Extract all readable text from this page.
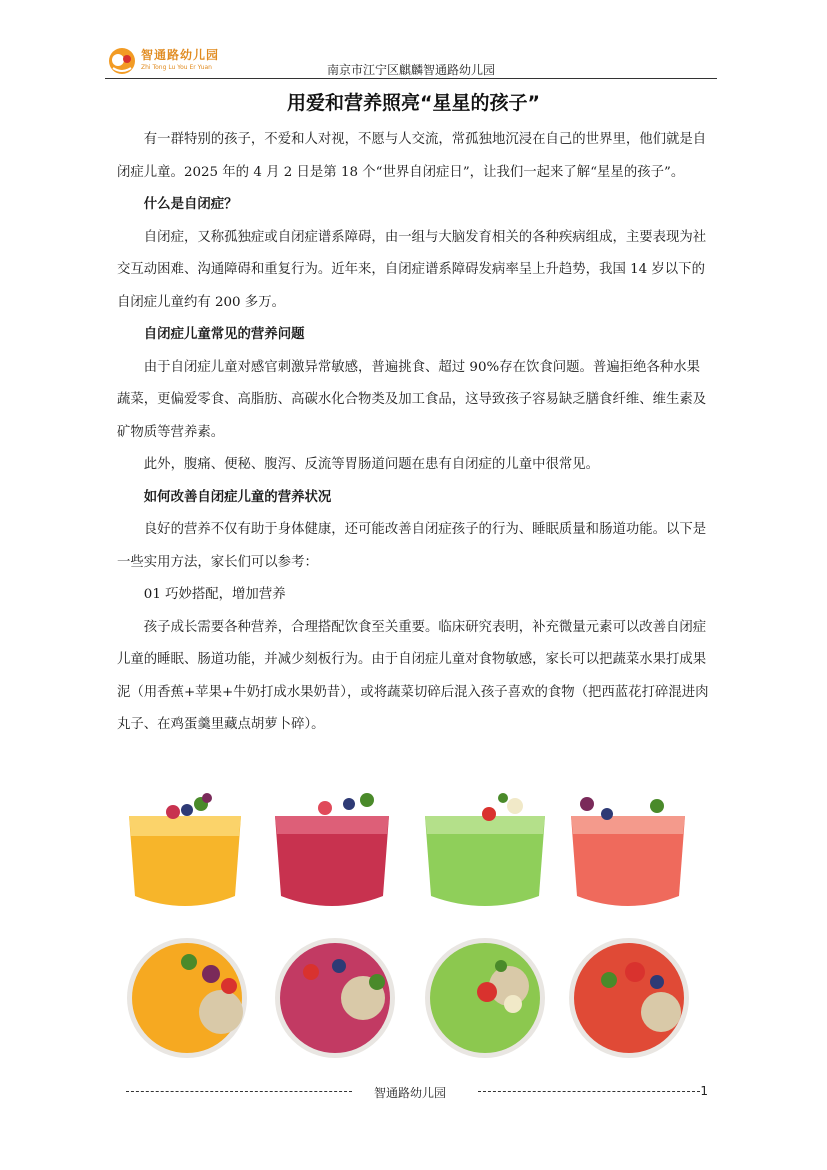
智通路幼儿园
Zhi Tong Lu You Er Yuan	南京市江宁区麒麟智通路幼儿园
用爱和营养照亮“星星的孩子”

有一群特别的孩子，不爱和人对视，不愿与人交流，常孤独地沉浸在自己的世界里，他们就是自闭症儿童。2025 年的 4 月 2 日是第 18 个“世界自闭症日”，让我们一起来了解“星星的孩子”。

什么是自闭症？

自闭症，又称孤独症或自闭症谱系障碍，由一组与大脑发育相关的各种疾病组成，主要表现为社交互动困难、沟通障碍和重复行为。近年来，自闭症谱系障碍发病率呈上升趋势，我国 14 岁以下的自闭症儿童约有 200 多万。

自闭症儿童常见的营养问题

由于自闭症儿童对感官刺激异常敏感，普遍挑食、超过 90%存在饮食问题。普遍拒绝各种水果蔬菜，更偏爱零食、高脂肪、高碳水化合物类及加工食品，这导致孩子容易缺乏膳食纤维、维生素及矿物质等营养素。

此外，腹痛、便秘、腹泻、反流等胃肠道问题在患有自闭症的儿童中很常见。

如何改善自闭症儿童的营养状况

良好的营养不仅有助于身体健康，还可能改善自闭症孩子的行为、睡眠质量和肠道功能。以下是一些实用方法，家长们可以参考：

01 巧妙搭配，增加营养

孩子成长需要各种营养，合理搭配饮食至关重要。临床研究表明，补充微量元素可以改善自闭症儿童的睡眠、肠道功能，并减少刻板行为。由于自闭症儿童对食物敏感，家长可以把蔬菜水果打成果泥（用香蕉+苹果+牛奶打成水果奶昔），或将蔬菜切碎后混入孩子喜欢的食物（把西蓝花打碎混进肉丸子、在鸡蛋羹里藏点胡萝卜碎）。

智通路幼儿园	1
